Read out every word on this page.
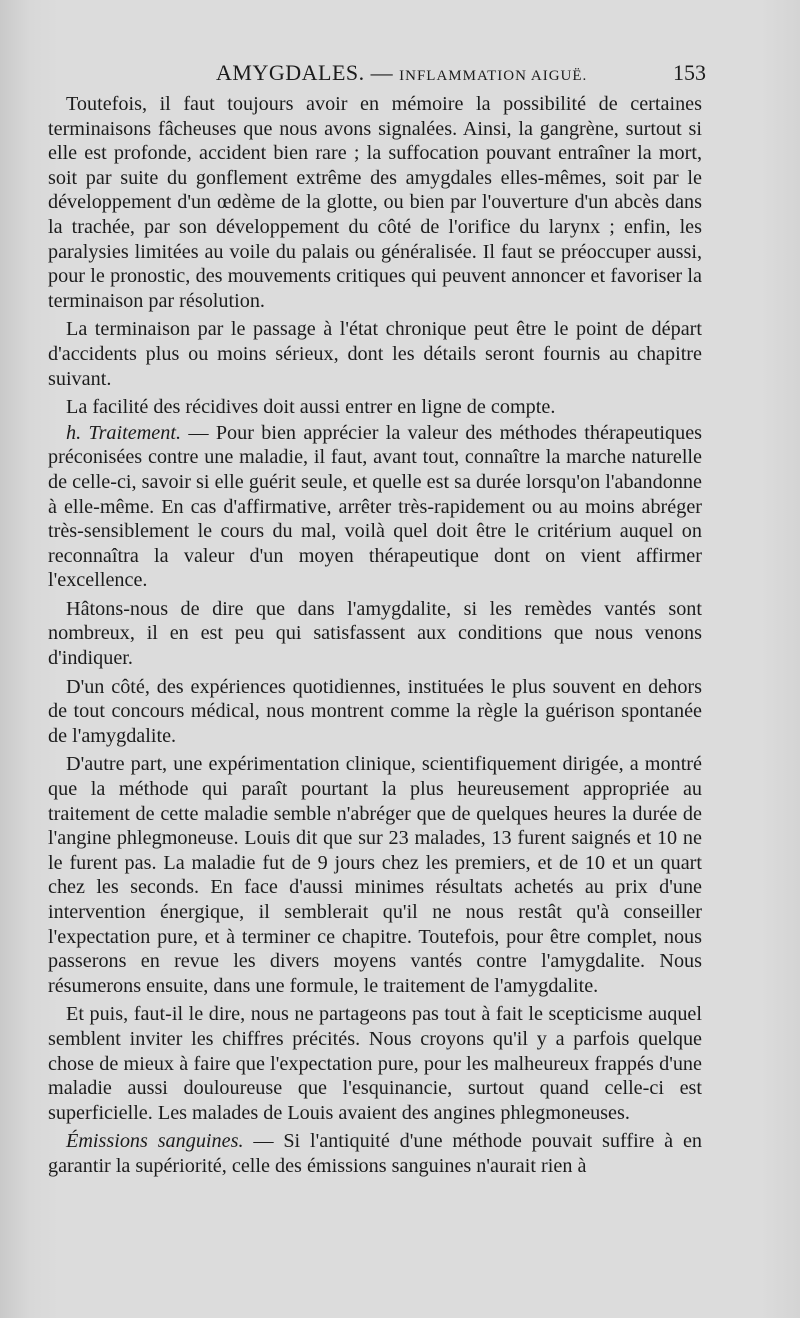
AMYGDALES. — INFLAMMATION AIGUË.	153

Toutefois, il faut toujours avoir en mémoire la possibilité de certaines terminaisons fâcheuses que nous avons signalées. Ainsi, la gangrène, surtout si elle est profonde, accident bien rare ; la suffocation pouvant entraîner la mort, soit par suite du gonflement extrême des amygdales elles-mêmes, soit par le développement d'un œdème de la glotte, ou bien par l'ouverture d'un abcès dans la trachée, par son développement du côté de l'orifice du larynx ; enfin, les paralysies limitées au voile du palais ou généralisée. Il faut se préoccuper aussi, pour le pronostic, des mouvements critiques qui peuvent annoncer et favoriser la terminaison par résolution.

La terminaison par le passage à l'état chronique peut être le point de départ d'accidents plus ou moins sérieux, dont les détails seront fournis au chapitre suivant.

La facilité des récidives doit aussi entrer en ligne de compte.

h. Traitement. — Pour bien apprécier la valeur des méthodes thérapeutiques préconisées contre une maladie, il faut, avant tout, connaître la marche naturelle de celle-ci, savoir si elle guérit seule, et quelle est sa durée lorsqu'on l'abandonne à elle-même. En cas d'affirmative, arrêter très-rapidement ou au moins abréger très-sensiblement le cours du mal, voilà quel doit être le critérium auquel on reconnaîtra la valeur d'un moyen thérapeutique dont on vient affirmer l'excellence.

Hâtons-nous de dire que dans l'amygdalite, si les remèdes vantés sont nombreux, il en est peu qui satisfassent aux conditions que nous venons d'indiquer.

D'un côté, des expériences quotidiennes, instituées le plus souvent en dehors de tout concours médical, nous montrent comme la règle la guérison spontanée de l'amygdalite.

D'autre part, une expérimentation clinique, scientifiquement dirigée, a montré que la méthode qui paraît pourtant la plus heureusement appropriée au traitement de cette maladie semble n'abréger que de quelques heures la durée de l'angine phlegmoneuse. Louis dit que sur 23 malades, 13 furent saignés et 10 ne le furent pas. La maladie fut de 9 jours chez les premiers, et de 10 et un quart chez les seconds. En face d'aussi minimes résultats achetés au prix d'une intervention énergique, il semblerait qu'il ne nous restât qu'à conseiller l'expectation pure, et à terminer ce chapitre. Toutefois, pour être complet, nous passerons en revue les divers moyens vantés contre l'amygdalite. Nous résumerons ensuite, dans une formule, le traitement de l'amygdalite.

Et puis, faut-il le dire, nous ne partageons pas tout à fait le scepticisme auquel semblent inviter les chiffres précités. Nous croyons qu'il y a parfois quelque chose de mieux à faire que l'expectation pure, pour les malheureux frappés d'une maladie aussi douloureuse que l'esquinancie, surtout quand celle-ci est superficielle. Les malades de Louis avaient des angines phlegmoneuses.

Émissions sanguines. — Si l'antiquité d'une méthode pouvait suffire à en garantir la supériorité, celle des émissions sanguines n'aurait rien à
